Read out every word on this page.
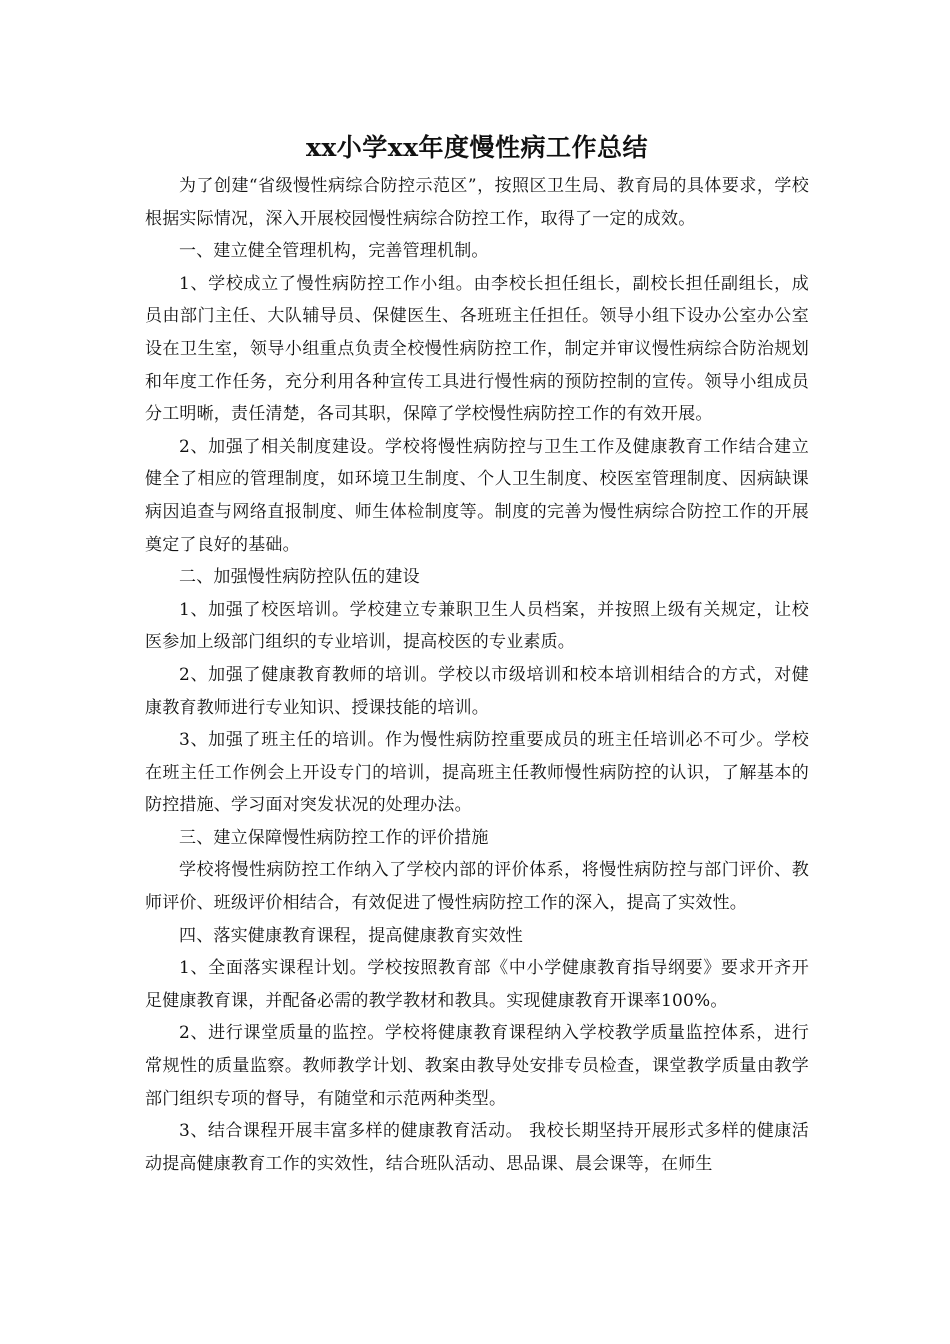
xx小学xx年度慢性病工作总结

为了创建“省级慢性病综合防控示范区”，按照区卫生局、教育局的具体要求，学校根据实际情况，深入开展校园慢性病综合防控工作，取得了一定的成效。

一、建立健全管理机构，完善管理机制。

1、学校成立了慢性病防控工作小组。由李校长担任组长，副校长担任副组长，成员由部门主任、大队辅导员、保健医生、各班班主任担任。领导小组下设办公室办公室设在卫生室，领导小组重点负责全校慢性病防控工作，制定并审议慢性病综合防治规划和年度工作任务，充分利用各种宣传工具进行慢性病的预防控制的宣传。领导小组成员分工明晰，责任清楚，各司其职，保障了学校慢性病防控工作的有效开展。

2、加强了相关制度建设。学校将慢性病防控与卫生工作及健康教育工作结合建立健全了相应的管理制度，如环境卫生制度、个人卫生制度、校医室管理制度、因病缺课病因追查与网络直报制度、师生体检制度等。制度的完善为慢性病综合防控工作的开展奠定了良好的基础。

二、加强慢性病防控队伍的建设

1、加强了校医培训。学校建立专兼职卫生人员档案，并按照上级有关规定，让校医参加上级部门组织的专业培训，提高校医的专业素质。

2、加强了健康教育教师的培训。学校以市级培训和校本培训相结合的方式，对健康教育教师进行专业知识、授课技能的培训。

3、加强了班主任的培训。作为慢性病防控重要成员的班主任培训必不可少。学校在班主任工作例会上开设专门的培训，提高班主任教师慢性病防控的认识，了解基本的防控措施、学习面对突发状况的处理办法。

三、建立保障慢性病防控工作的评价措施

学校将慢性病防控工作纳入了学校内部的评价体系，将慢性病防控与部门评价、教师评价、班级评价相结合，有效促进了慢性病防控工作的深入，提高了实效性。

四、落实健康教育课程，提高健康教育实效性

1、全面落实课程计划。学校按照教育部《中小学健康教育指导纲要》要求开齐开足健康教育课，并配备必需的教学教材和教具。实现健康教育开课率100%。

2、进行课堂质量的监控。学校将健康教育课程纳入学校教学质量监控体系，进行常规性的质量监察。教师教学计划、教案由教导处安排专员检查，课堂教学质量由教学部门组织专项的督导，有随堂和示范两种类型。

3、结合课程开展丰富多样的健康教育活动。 我校长期坚持开展形式多样的健康活动提高健康教育工作的实效性，结合班队活动、思品课、晨会课等，在师生
